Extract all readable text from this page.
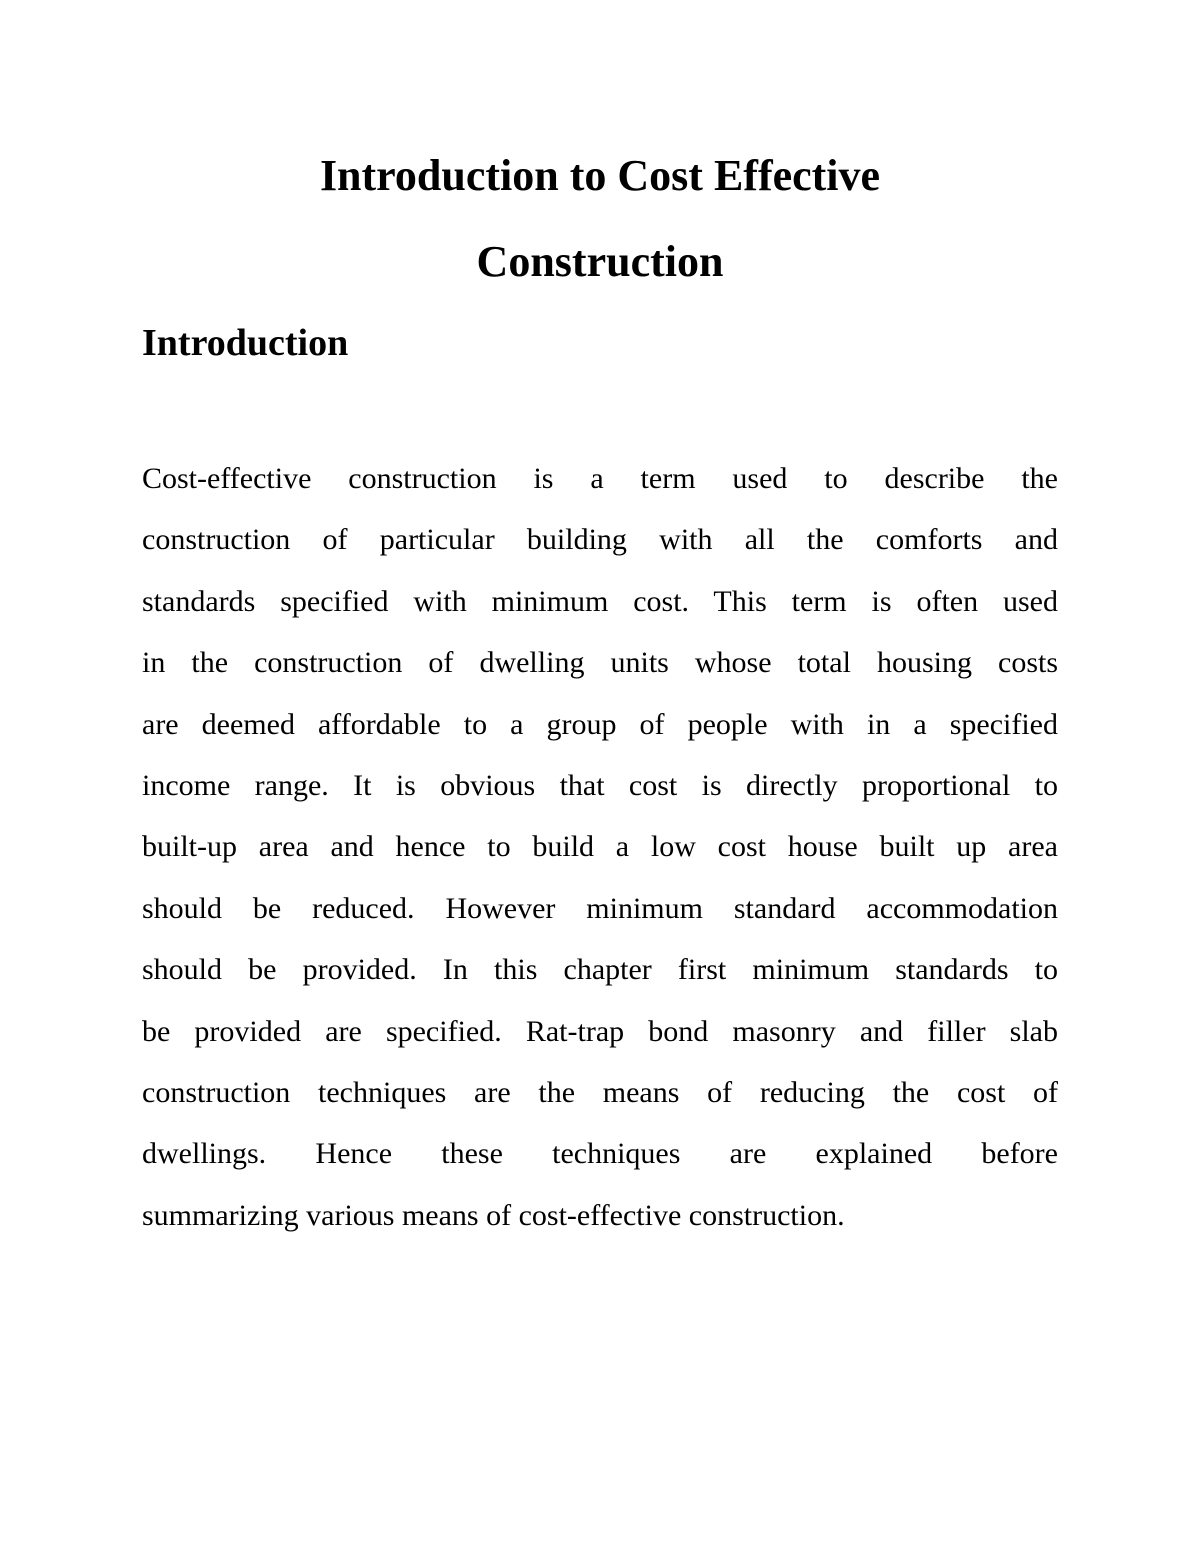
Introduction to Cost Effective
Construction
Introduction
Cost-effective construction is a term used to describe the
construction of particular building with all the comforts and
standards specified with minimum cost. This term is often used
in the construction of dwelling units whose total housing costs
are deemed affordable to a group of people with in a specified
income range. It is obvious that cost is directly proportional to
built-up area and hence to build a low cost house built up area
should be reduced. However minimum standard accommodation
should be provided. In this chapter first minimum standards to
be provided are specified. Rat-trap bond masonry and filler slab
construction techniques are the means of reducing the cost of
dwellings. Hence these techniques are explained before
summarizing various means of cost-effective construction.
